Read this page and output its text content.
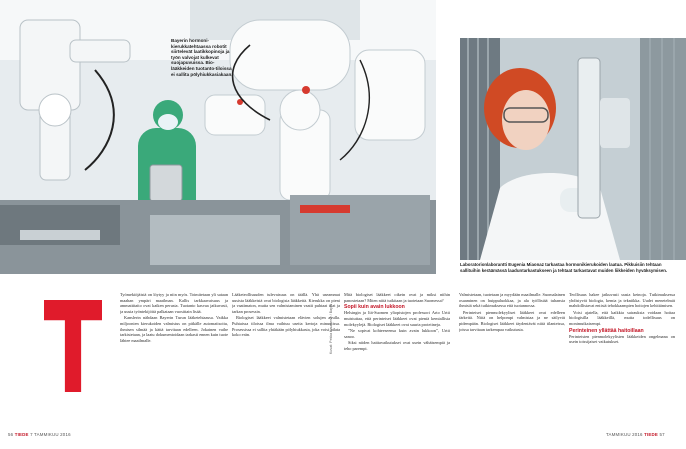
Bayerin hormoni-kierukkatehtaassa robotit siirtelevät laatikkopinoja ja työn valvojat kulkevat suojapuvuissa. Bio-lääkkeiden tuotanto-tiloissa ei sallita pölyhiukkasiakaan.
Laboratorionlaborantti Eugenia Miaonaz tarkastaa hormonikierukoiden laatua. Pikkuisiin tehtaan sallituihin keräämässä laaduntarkastukseen ja tehtaat tarkastavat muiden liikkeiden hyväksymisen.

Työmekiöjäistä on löytyy ja niin myös. Toimitetaan yli sataan maahan ympäri maailman. Kallis tarkkaavaisuus ja ammattitaito ovat kaiken perusta. Tuotanto kasvaa jatkuvasti, ja uusia työntekijöitä palkataan vuosittain lisää.

Kanslerin nähdaan Bayerin Turun lääketehtaassa. Vaikka miljoonien kierukoiden valmistus on pitkälle automatisoitu, ihmisen silmää ja kättä tarvitaan edelleen. Jokainen vaihe tarkistetaan, ja laatu dokumentoidaan tarkasti ennen kuin tuote lähtee maailmalle.

Lääketeollisuuden tulevaisuus on täällä. Yhä useammat uusista lääkkeistä ovat biologisia lääkkeitä. Kierukka on pieni ja vaatimaton, mutta sen valmistaminen vaatii puhtaat tilat ja tarkan prosessin.

Biologiset lääkkeet valmistetaan elävien solujen avulla. Puhtaissa tiloissa ilma vaihtuu useita kertoja minuutissa. Prosessissa ei sallita yhtäkään pölyhiukkasta, joka voisi pilata koko erän.	Kuvat: Pekka Kauranne / Bayer

Mitä biologiset lääkkeet oikein ovat ja miksi niihin panostetaan? Miten niitä tutkitaan ja tuotetaan Suomessa?

Sopii kuin avain lukkoon

Helsingin ja Itä-Suomen yliopistojen professori Arto Urtti muistuttaa, että perinteiset lääkkeet ovat pieniä kemiallisia molekyylejä. Biologiset lääkkeet ovat suuria proteiineja.

”Ne sopivat kohteeseensa kuin avain lukkoon”, Urtti sanoo.

Siksi niiden haittavaikutukset ovat usein vähäisempiä ja teho parempi.

Valmistetaan, tuotetaan ja myydään maailmalle. Suomalainen osaaminen on huippuluokkaa, ja ala työllistää tuhansia ihmisiä sekä tutkimuksessa että tuotannossa.

Perinteiset pienmolekyyliset lääkkeet ovat edelleen tärkeitä. Niitä on helpompi valmistaa ja ne säilyvät pidempään. Biologiset lääkkeet täydentävät niitä tilanteissa, joissa tarvitaan tarkempaa vaikutusta.

Teollisuus hakee jatkuvasti uusia keinoja. Tutkimuksessa yhdistyvät biologia, kemia ja tekniikka. Uudet menetelmät mahdollistavat entistä tehokkaampien hoitojen kehittämisen.

Voisi ajatella, että kaikkia sairauksia voidaan hoitaa biologisilla lääkkeillä, mutta todellisuus on monimutkaisempi.

Perinteinen yllättää haitoillaan

Perinteisten pienmolekyylisten lääkkeiden ongelmana on usein toissijaiset vaikutukset.

56 TIEDE 7 TAMMIKUU 2016	TAMMIKUU 2016 TIEDE 57
